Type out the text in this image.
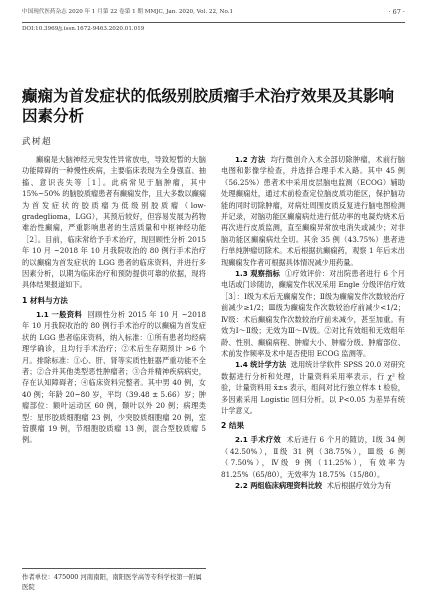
中国现代医药杂志 2020 年 1 月第 22 卷第 1 期 MMJC, Jan. 2020, Vol. 22, No.1	· 67 ·
DOI:10.3969/j.issn.1672-9463.2020.01.019
癫痫为首发症状的低级别胶质瘤手术治疗效果及其影响因素分析
武树超

癫痫是大脑神经元突发性异常放电，导致短暂的大脑功能障碍的一种慢性疾病，主要临床表现为全身强直、抽搐、意识丧失等［1］。此病常见于脑肿瘤，其中 15%~50% 的脑胶质瘤患者有癫痫发作，且大多数以癫痫为首发症状的胶质瘤为低级别胶质瘤（low-gradeglioma，LGG），其预后较好，但容易发展为药物难治性癫痫，严重影响患者的生活质量和中枢神经功能［2］。目前，临床常给予手术治疗，现回顾性分析 2015 年 10 月 ~2018 年 10 月我院收治的 80 例行手术治疗的以癫痫为首发症状的 LGG 患者的临床资料，并进行多因素分析，以期为临床治疗和预防提供可靠的依据，现将具体结果报道如下。

1 材料与方法

1.1 一般资料 回顾性分析 2015 年 10 月 ~2018 年 10 月我院收治的 80 例行手术治疗的以癫痫为首发症状的 LGG 患者临床资料，纳入标准：①所有患者均经病理学确诊，且均行手术治疗；②术后生存期预计 >6 个月。排除标准：①心、肝、肾等实质性脏器严重功能不全者；②合并其他类型恶性肿瘤者；③合并精神疾病病史，存在认知障碍者；④临床资料完整者。其中男 40 例，女 40 例；年龄 20~80 岁，平均（39.48 ± 5.66）岁；肿瘤部位：额叶运动区 60 例，颞叶以外 20 例；病理类型：星形胶质细胞瘤 23 例，少突胶质细胞瘤 20 例，室管膜瘤 19 例，节细胞胶质瘤 13 例，混合型胶质瘤 5 例。

1.2 方法 均行微创介入术全部切除肿瘤，术前行脑电图和影像学检查，并选择合理手术入路。其中 45 例（56.25%）患者术中采用皮层脑电监测（ECOG）辅助处理癫痫灶，通过术前检查定位脑皮质功能区，保护脑功能的同时切除肿瘤，对病灶周围皮质反复进行脑电图检测并记录，对脑功能区癫痫病灶进行低功率的电凝灼烧术后再次进行皮质监测，直至癫痫异常放电消失或减少；对非脑功能区癫痫病灶全切。其余 35 例（43.75%）患者进行单纯肿瘤切除术。术后根据抗癫痫药，观察 1 年后未出现癫痫发作者可根据具体情况减少用药量。

1.3 观察指标 ①疗效评价：对出院患者进行 6 个月电话或门诊随访，癫痫发作状况采用 Engle 分级评估疗效［3］：Ⅰ级为术后无癫痫发作；Ⅱ级为癫痫发作次数较治疗前减少≥1/2；Ⅲ级为癫痫发作次数较治疗前减少<1/2；Ⅳ级：术后癫痫发作次数较治疗前未减少，甚至加重。有效为Ⅰ～Ⅱ级；无效为Ⅲ～Ⅳ级。②对比有效组和无效组年龄、性别、癫痫病程、肿瘤大小、肿瘤分级、肿瘤部位、术前发作频率及术中是否使用 ECOG 监测等。

1.4 统计学方法 选用统计学软件 SPSS 20.0 对研究数据进行分析和处理，计量资料采用率表示，行 χ² 检验，计量资料用 x̄±s 表示，组间对比行独立样本 t 检验，多因素采用 Logistic 回归分析。以 P<0.05 为差异有统计学意义。

2 结果

2.1 手术疗效 术后进行 6 个月的随访，Ⅰ级 34 例（42.50%），Ⅱ级 31 例（38.75%），Ⅲ级 6 例（7.50%），Ⅳ级 9 例（11.25%），有效率为 81.25%（65/80），无效率为 18.75%（15/80）。

2.2 两组临床病理资料比较 术后根据疗效分为有

作者单位：475000 河南南阳，南阳医学高等专科学校第一附属医院
